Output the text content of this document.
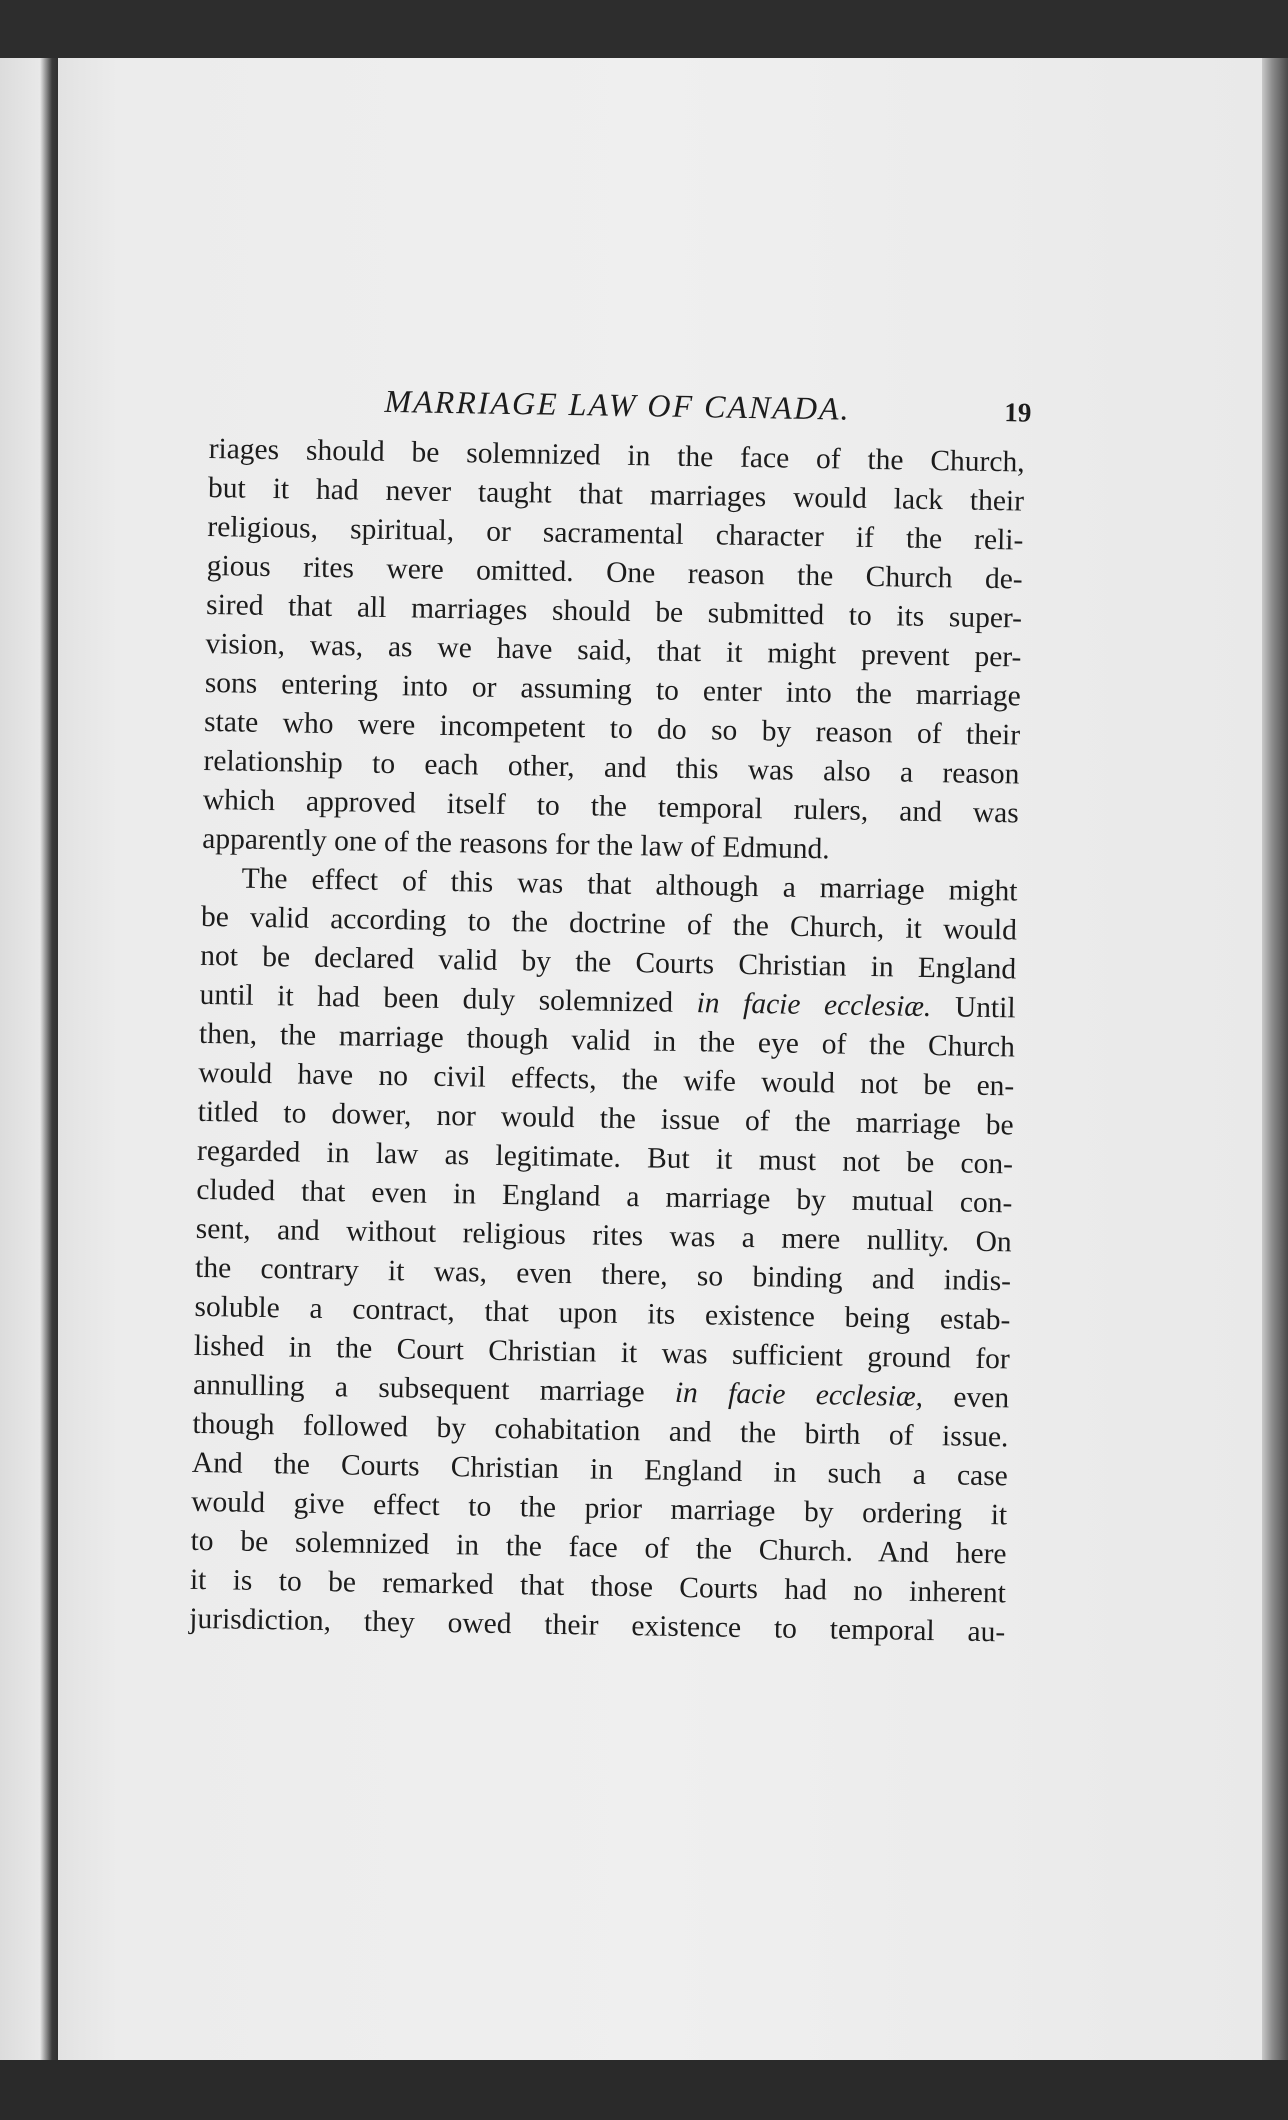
MARRIAGE LAW OF CANADA.	19
riages should be solemnized in the face of the Church,
but it had never taught that marriages would lack their
religious, spiritual, or sacramental character if the reli-
gious rites were omitted. One reason the Church de-
sired that all marriages should be submitted to its super-
vision, was, as we have said, that it might prevent per-
sons entering into or assuming to enter into the marriage
state who were incompetent to do so by reason of their
relationship to each other, and this was also a reason
which approved itself to the temporal rulers, and was
apparently one of the reasons for the law of Edmund.
The effect of this was that although a marriage might
be valid according to the doctrine of the Church, it would
not be declared valid by the Courts Christian in England
until it had been duly solemnized in facie ecclesiæ. Until
then, the marriage though valid in the eye of the Church
would have no civil effects, the wife would not be en-
titled to dower, nor would the issue of the marriage be
regarded in law as legitimate. But it must not be con-
cluded that even in England a marriage by mutual con-
sent, and without religious rites was a mere nullity. On
the contrary it was, even there, so binding and indis-
soluble a contract, that upon its existence being estab-
lished in the Court Christian it was sufficient ground for
annulling a subsequent marriage in facie ecclesiæ, even
though followed by cohabitation and the birth of issue.
And the Courts Christian in England in such a case
would give effect to the prior marriage by ordering it
to be solemnized in the face of the Church. And here
it is to be remarked that those Courts had no inherent
jurisdiction, they owed their existence to temporal au-
